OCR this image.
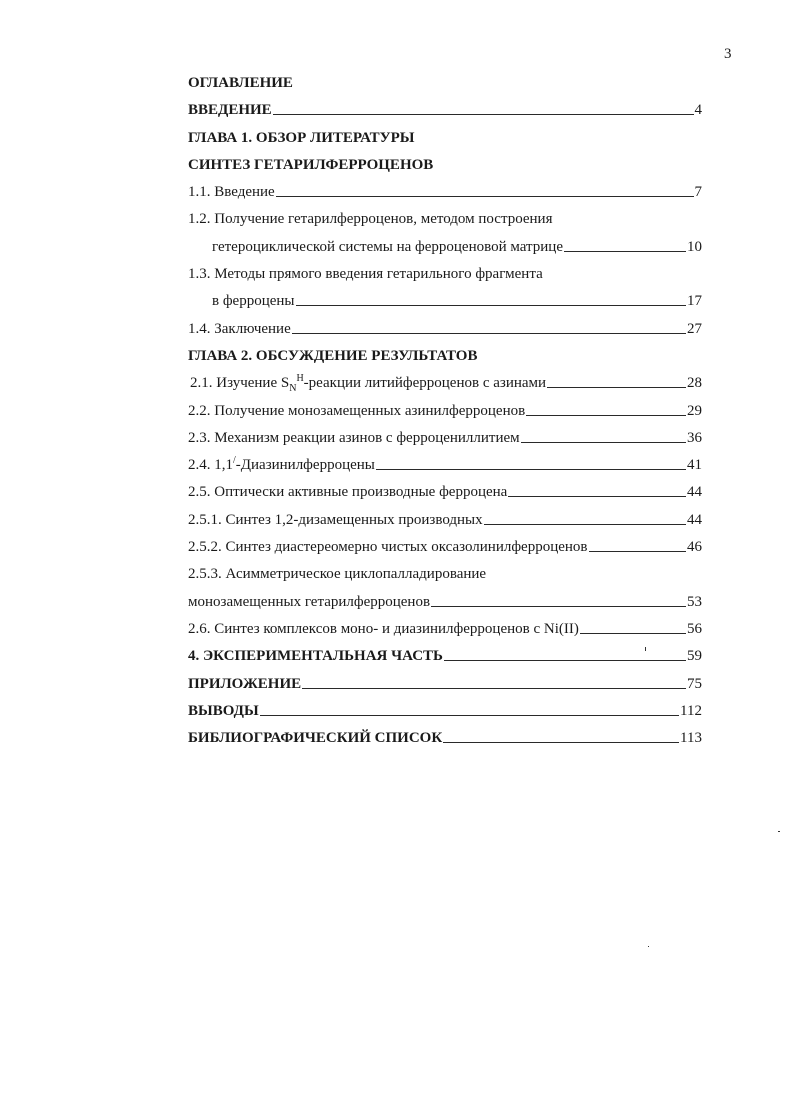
3
ОГЛАВЛЕНИЕ
ВВЕДЕНИЕ	4
ГЛАВА 1. ОБЗОР ЛИТЕРАТУРЫ
СИНТЕЗ ГЕТАРИЛФЕРРОЦЕНОВ
1.1. Введение	7
1.2. Получение гетарилферроценов, методом построения
гетероциклической системы на ферроценовой матрице	10
1.3. Методы прямого введения гетарильного фрагмента
в ферроцены	17
1.4. Заключение	27
ГЛАВА 2. ОБСУЖДЕНИЕ РЕЗУЛЬТАТОВ
2.1. Изучение $S_N^H$-реакции литийферроценов с азинами	28
2.2. Получение монозамещенных азинилферроценов	29
2.3. Механизм реакции азинов с ферроцениллитием	36
2.4. 1,1/-Диазинилферроцены	41
2.5. Оптически активные производные ферроцена	44
2.5.1. Синтез 1,2-дизамещенных производных	44
2.5.2. Синтез диастереомерно чистых оксазолинилферроценов	46
2.5.3. Асимметрическое циклопалладирование
монозамещенных гетарилферроценов	53
2.6. Синтез комплексов моно- и диазинилферроценов с Ni(II)	56
4. ЭКСПЕРИМЕНТАЛЬНАЯ ЧАСТЬ	59
ПРИЛОЖЕНИЕ	75
ВЫВОДЫ	112
БИБЛИОГРАФИЧЕСКИЙ СПИСОК	113
